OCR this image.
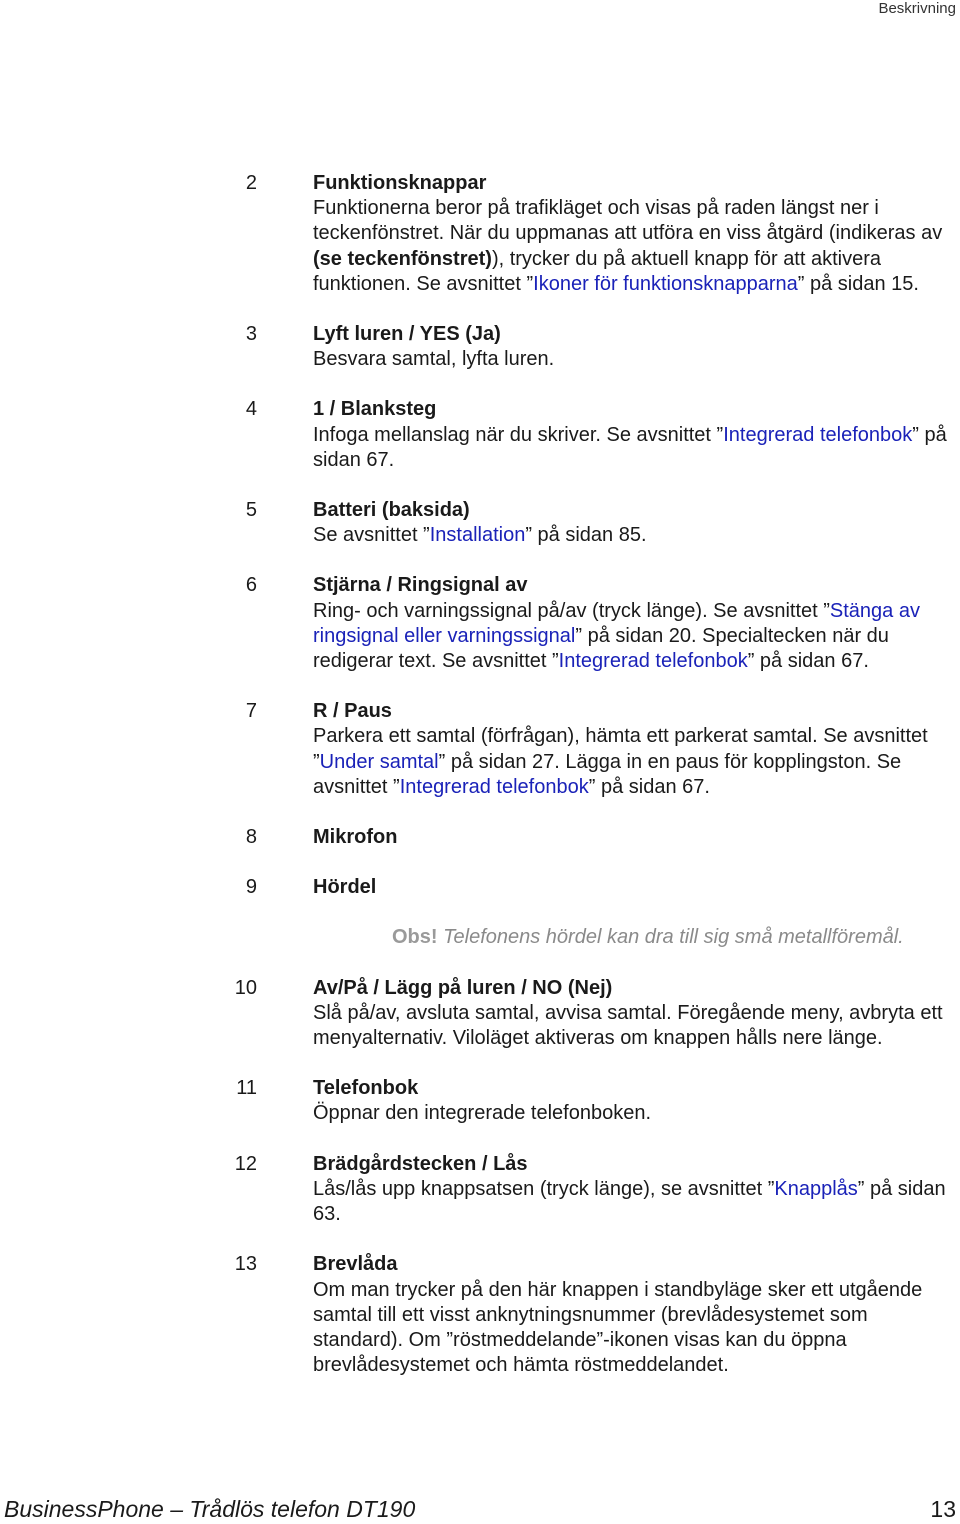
Beskrivning
2	Funktionsknappar
Funktionerna beror på trafikläget och visas på raden längst ner i teckenfönstret. När du uppmanas att utföra en viss åtgärd (indikeras av (se teckenfönstret)), trycker du på aktuell knapp för att aktivera funktionen. Se avsnittet ”Ikoner för funktionsknapparna” på sidan 15.
3	Lyft luren / YES (Ja)
Besvara samtal, lyfta luren.
4	1 / Blanksteg
Infoga mellanslag när du skriver. Se avsnittet ”Integrerad telefonbok” på sidan 67.
5	Batteri (baksida)
Se avsnittet ”Installation” på sidan 85.
6	Stjärna / Ringsignal av
Ring- och varningssignal på/av (tryck länge). Se avsnittet ”Stänga av ringsignal eller varningssignal” på sidan 20. Specialtecken när du redigerar text. Se avsnittet ”Integrerad telefonbok” på sidan 67.
7	R / Paus
Parkera ett samtal (förfrågan), hämta ett parkerat samtal. Se avsnittet ”Under samtal” på sidan 27. Lägga in en paus för kopplingston. Se avsnittet ”Integrerad telefonbok” på sidan 67.
8	Mikrofon
9	Hördel
Obs! Telefonens hördel kan dra till sig små metallföremål.
10	Av/På / Lägg på luren / NO (Nej)
Slå på/av, avsluta samtal, avvisa samtal. Föregående meny, avbryta ett menyalternativ. Viloläget aktiveras om knappen hålls nere länge.
11	Telefonbok
Öppnar den integrerade telefonboken.
12	Brädgårdstecken / Lås
Lås/lås upp knappsatsen (tryck länge), se avsnittet ”Knapplås” på sidan 63.
13	Brevlåda
Om man trycker på den här knappen i standbyläge sker ett utgående samtal till ett visst anknytningsnummer (brevlådesystemet som standard). Om ”röstmeddelande”-ikonen visas kan du öppna brevlådesystemet och hämta röstmeddelandet.
BusinessPhone – Trådlös telefon DT190	13
